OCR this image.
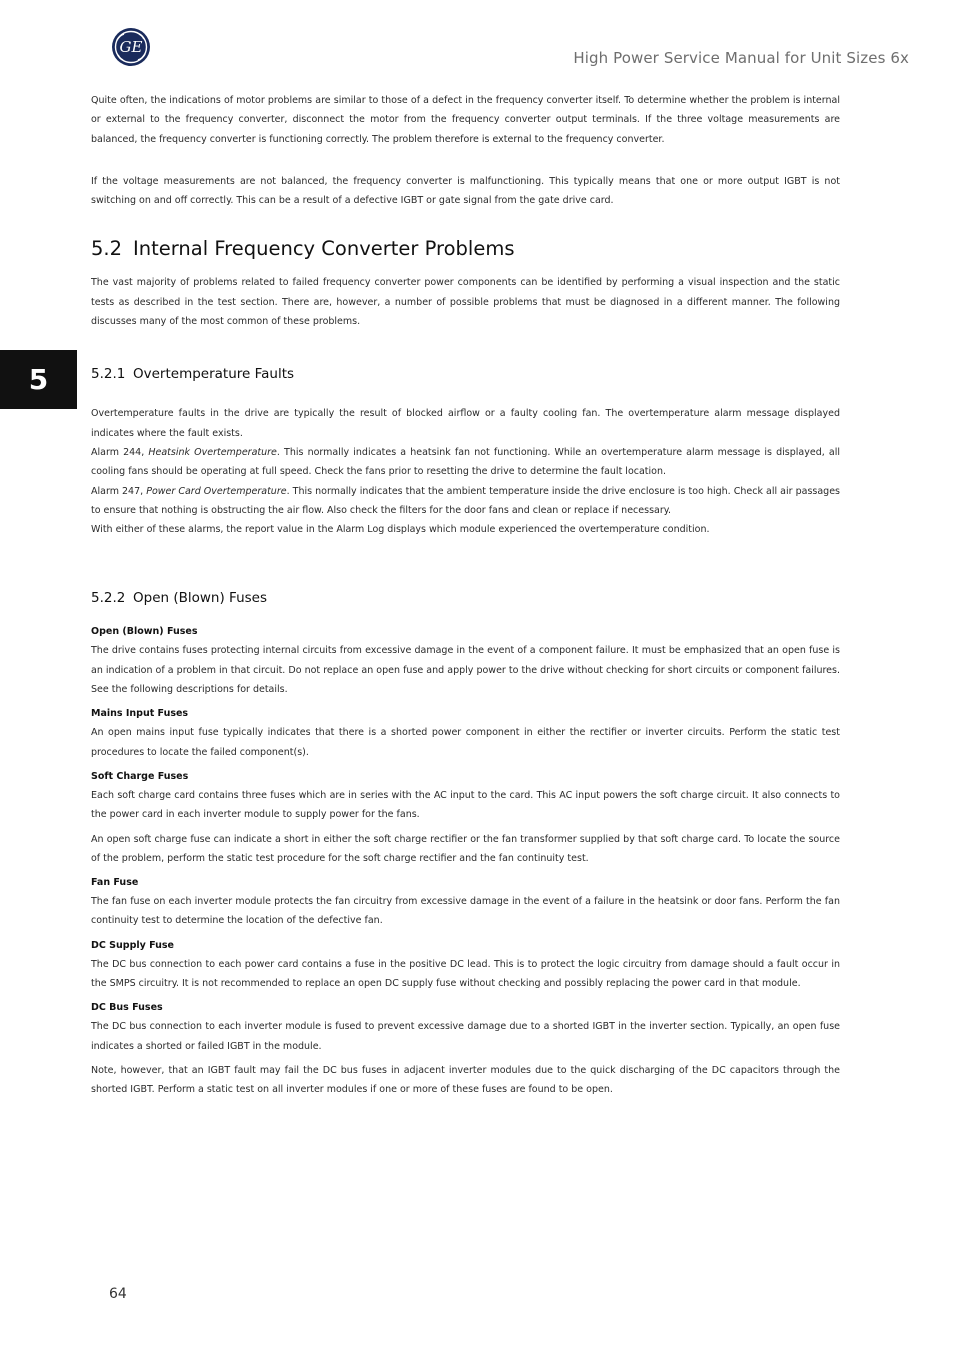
GE
High Power Service Manual for Unit Sizes 6x
5

Quite often, the indications of motor problems are similar to those of a defect in the frequency converter itself. To determine whether the problem is internal or external to the frequency converter, disconnect the motor from the frequency converter output terminals. If the three voltage measurements are balanced, the frequency converter is functioning correctly. The problem therefore is external to the frequency converter.

If the voltage measurements are not balanced, the frequency converter is malfunctioning. This typically means that one or more output IGBT is not switching on and off correctly. This can be a result of a defective IGBT or gate signal from the gate drive card.

5.2 Internal Frequency Converter Problems

The vast majority of problems related to failed frequency converter power components can be identified by performing a visual inspection and the static tests as described in the test section. There are, however, a number of possible problems that must be diagnosed in a different manner. The following discusses many of the most common of these problems.

5.2.1 Overtemperature Faults

Overtemperature faults in the drive are typically the result of blocked airflow or a faulty cooling fan. The overtemperature alarm message displayed indicates where the fault exists.

Alarm 244, Heatsink Overtemperature. This normally indicates a heatsink fan not functioning. While an overtemperature alarm message is displayed, all cooling fans should be operating at full speed. Check the fans prior to resetting the drive to determine the fault location.

Alarm 247, Power Card Overtemperature. This normally indicates that the ambient temperature inside the drive enclosure is too high. Check all air passages to ensure that nothing is obstructing the air flow. Also check the filters for the door fans and clean or replace if necessary.

With either of these alarms, the report value in the Alarm Log displays which module experienced the overtemperature condition.

5.2.2 Open (Blown) Fuses
Open (Blown) Fuses

The drive contains fuses protecting internal circuits from excessive damage in the event of a component failure. It must be emphasized that an open fuse is an indication of a problem in that circuit. Do not replace an open fuse and apply power to the drive without checking for short circuits or component failures. See the following descriptions for details.

Mains Input Fuses

An open mains input fuse typically indicates that there is a shorted power component in either the rectifier or inverter circuits. Perform the static test procedures to locate the failed component(s).

Soft Charge Fuses

Each soft charge card contains three fuses which are in series with the AC input to the card. This AC input powers the soft charge circuit. It also connects to the power card in each inverter module to supply power for the fans.

An open soft charge fuse can indicate a short in either the soft charge rectifier or the fan transformer supplied by that soft charge card. To locate the source of the problem, perform the static test procedure for the soft charge rectifier and the fan continuity test.

Fan Fuse

The fan fuse on each inverter module protects the fan circuitry from excessive damage in the event of a failure in the heatsink or door fans. Perform the fan continuity test to determine the location of the defective fan.

DC Supply Fuse

The DC bus connection to each power card contains a fuse in the positive DC lead. This is to protect the logic circuitry from damage should a fault occur in the SMPS circuitry. It is not recommended to replace an open DC supply fuse without checking and possibly replacing the power card in that module.

DC Bus Fuses

The DC bus connection to each inverter module is fused to prevent excessive damage due to a shorted IGBT in the inverter section. Typically, an open fuse indicates a shorted or failed IGBT in the module.

Note, however, that an IGBT fault may fail the DC bus fuses in adjacent inverter modules due to the quick discharging of the DC capacitors through the shorted IGBT. Perform a static test on all inverter modules if one or more of these fuses are found to be open.

64
